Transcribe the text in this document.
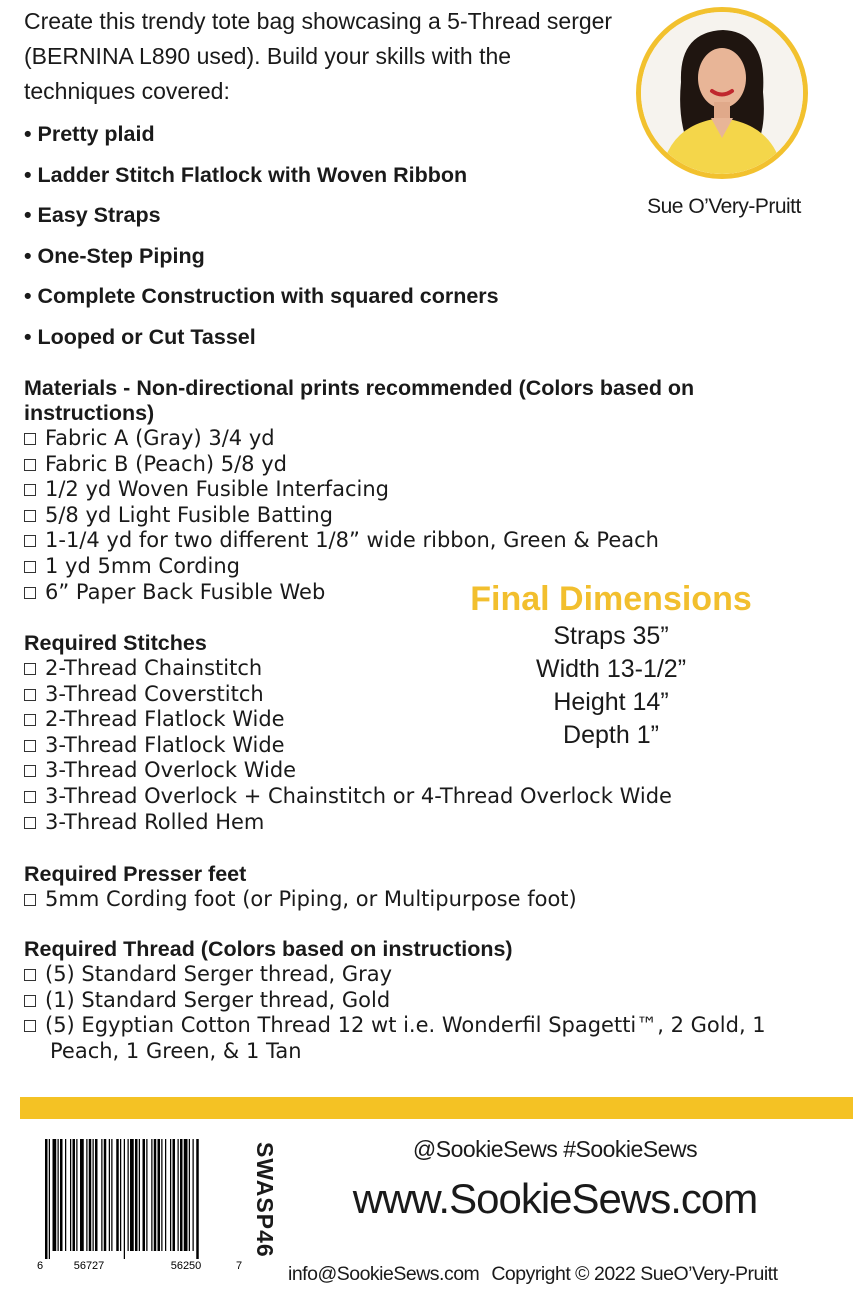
Create this trendy tote bag showcasing a 5-Thread serger (BERNINA L890 used). Build your skills with the techniques covered:
• Pretty plaid
• Ladder Stitch Flatlock with Woven Ribbon
• Easy Straps
• One-Step Piping
• Complete Construction with squared corners
• Looped or Cut Tassel
Sue O’Very-Pruitt
Materials - Non-directional prints recommended (Colors based on instructions)
Fabric A (Gray) 3/4 yd
Fabric B (Peach) 5/8 yd
1/2 yd Woven Fusible Interfacing
5/8 yd Light Fusible Batting
1-1/4 yd for two different 1/8” wide ribbon, Green & Peach
1 yd 5mm Cording
6” Paper Back Fusible Web	Final Dimensions
Straps 35”
Width 13-1/2”
Height 14”
Depth 1”
Required Stitches
2-Thread Chainstitch
3-Thread Coverstitch
2-Thread Flatlock Wide
3-Thread Flatlock Wide
3-Thread Overlock Wide
3-Thread Overlock + Chainstitch or 4-Thread Overlock Wide
3-Thread Rolled Hem
Required Presser feet
5mm Cording foot (or Piping, or Multipurpose foot)
Required Thread (Colors based on instructions)
(5) Standard Serger thread, Gray
(1) Standard Serger thread, Gold
(5) Egyptian Cotton Thread 12 wt i.e. Wonderfil Spagetti™, 2 Gold, 1
Peach, 1 Green, & 1 Tan
6	56727	56250	7
SWASP46	@SookieSews #SookieSews
www.SookieSews.com
info@SookieSews.com Copyright © 2022 SueO’Very-Pruitt
